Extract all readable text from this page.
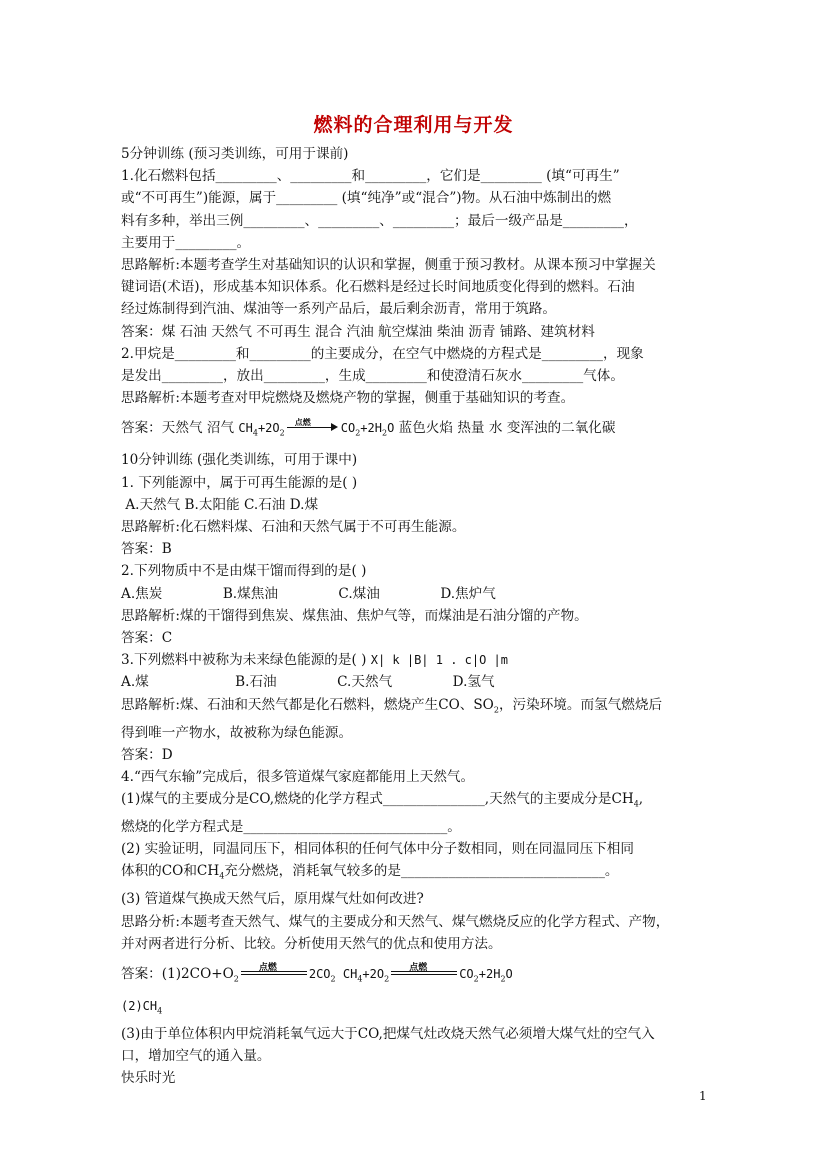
燃料的合理利用与开发

5分钟训练 (预习类训练，可用于课前)

1.化石燃料包括_________、_________和_________，它们是_________ (填“可再生”

或“不可再生”)能源，属于_________ (填“纯净”或“混合”)物。从石油中炼制出的燃

料有多种，举出三例_________、_________、_________；最后一级产品是_________，

主要用于_________。

思路解析:本题考查学生对基础知识的认识和掌握，侧重于预习教材。从课本预习中掌握关

键词语(术语)，形成基本知识体系。化石燃料是经过长时间地质变化得到的燃料。石油

经过炼制得到汽油、煤油等一系列产品后，最后剩余沥青，常用于筑路。

答案：煤 石油 天然气 不可再生 混合 汽油 航空煤油 柴油 沥青 铺路、建筑材料

2.甲烷是_________和_________的主要成分，在空气中燃烧的方程式是_________，现象

是发出_________，放出_________，生成_________和使澄清石灰水_________气体。

思路解析:本题考查对甲烷燃烧及燃烧产物的掌握，侧重于基础知识的考查。

答案：天然气 沼气 $CH_4+2O_2$
点燃	$CO_2+2H_2O$ 蓝色火焰 热量 水 变浑浊的二氧化碳

10分钟训练 (强化类训练，可用于课中)

1. 下列能源中，属于可再生能源的是( )

A.天然气 B.太阳能 C.石油 D.煤

思路解析:化石燃料煤、石油和天然气属于不可再生能源。

答案：B

2.下列物质中不是由煤干馏而得到的是( )

A.焦炭              B.煤焦油              C.煤油              D.焦炉气

思路解析:煤的干馏得到焦炭、煤焦油、焦炉气等，而煤油是石油分馏的产物。

答案：C

3.下列燃料中被称为未来绿色能源的是( ) X| k |B| 1 . c|O |m

A.煤                    B.石油              C.天然气              D.氢气

思路解析:煤、石油和天然气都是化石燃料，燃烧产生CO、$SO_2$，污染环境。而氢气燃烧后

得到唯一产物水，故被称为绿色能源。

答案：D

4.“西气东输”完成后，很多管道煤气家庭都能用上天然气。

(1)煤气的主要成分是CO,燃烧的化学方程式_______________,天然气的主要成分是$CH_4$,

燃烧的化学方程式是______________________________。

(2) 实验证明，同温同压下，相同体积的任何气体中分子数相同，则在同温同压下相同

体积的CO和$CH_4$充分燃烧，消耗氧气较多的是______________________________。

(3) 管道煤气换成天然气后，原用煤气灶如何改进?

思路分析:本题考查天然气、煤气的主要成分和天然气、煤气燃烧反应的化学方程式、产物，

并对两者进行分析、比较。分析使用天然气的优点和使用方法。

答案：$(1)2CO+O_2$
点燃	$2CO_2$ $CH_4+2O_2$
点燃	$CO_2+2H_2O$

$(2)CH_4$

(3)由于单位体积内甲烷消耗氧气远大于CO,把煤气灶改烧天然气必须增大煤气灶的空气入

口，增加空气的通入量。

快乐时光

1
